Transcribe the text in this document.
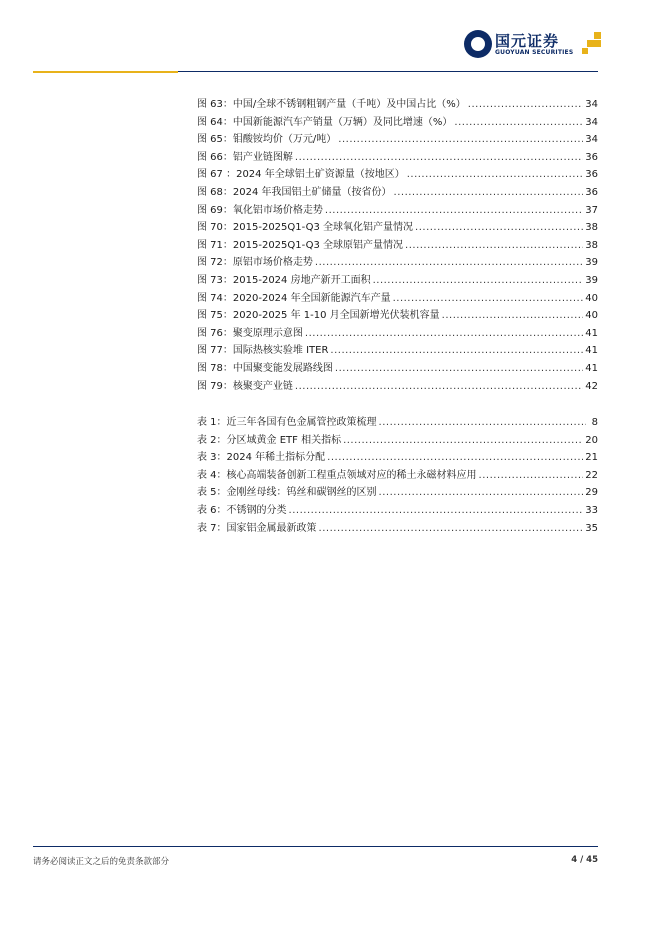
国元证券
GUOYUAN SECURITIES
图 63：中国/全球不锈钢粗钢产量（千吨）及中国占比（%） .....	34
图 64：中国新能源汽车产销量（万辆）及同比增速（%） .....	34
图 65：钼酸铵均价（万元/吨） .....	34
图 66：铝产业链图解 .....	36
图 67 ：2024 年全球铝土矿资源量（按地区） .....	36
图 68：2024 年我国铝土矿储量（按省份） .....	36
图 69：氧化铝市场价格走势 .....	37
图 70：2015-2025Q1-Q3 全球氧化铝产量情况 .....	38
图 71：2015-2025Q1-Q3 全球原铝产量情况 .....	38
图 72：原铝市场价格走势 .....	39
图 73：2015-2024 房地产新开工面积 .....	39
图 74：2020-2024 年全国新能源汽车产量 .....	40
图 75：2020-2025 年 1-10 月全国新增光伏装机容量 .....	40
图 76：聚变原理示意图 .....	41
图 77：国际热核实验堆 ITER .....	41
图 78：中国聚变能发展路线图 .....	41
图 79：核聚变产业链 .....	42
表 1：近三年各国有色金属管控政策梳理 .....	8
表 2：分区域黄金 ETF 相关指标 .....	20
表 3：2024 年稀土指标分配 .....	21
表 4：核心高端装备创新工程重点领域对应的稀土永磁材料应用 .....	22
表 5：金刚丝母线：钨丝和碳钢丝的区别 .....	29
表 6：不锈钢的分类 .....	33
表 7：国家铝金属最新政策 .....	35
请务必阅读正文之后的免责条款部分	4 / 45
